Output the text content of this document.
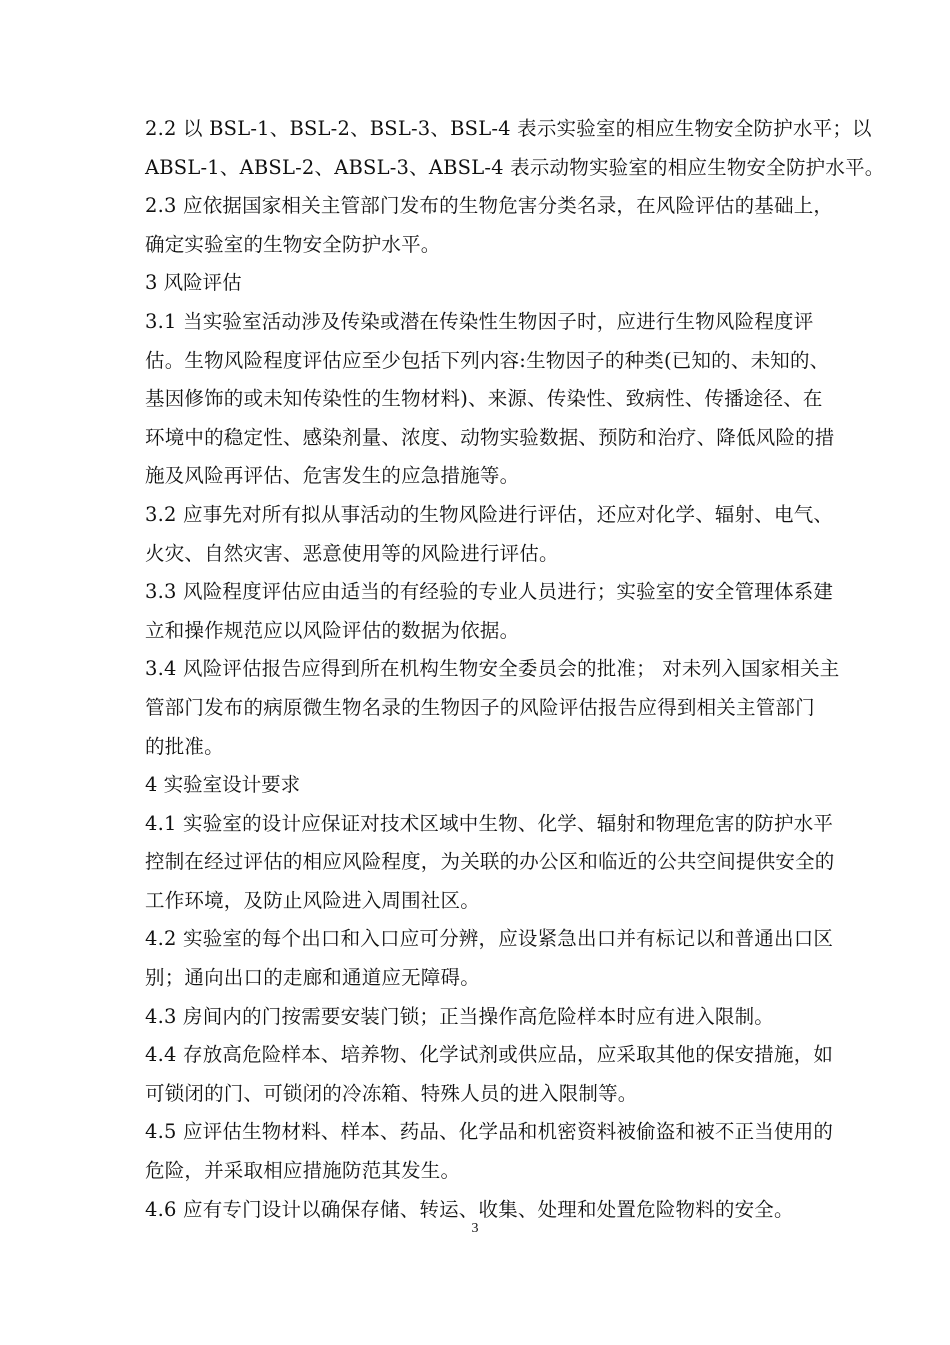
2.2 以 BSL-1、BSL-2、BSL-3、BSL-4 表示实验室的相应生物安全防护水平；以
ABSL-1、ABSL-2、ABSL-3、ABSL-4 表示动物实验室的相应生物安全防护水平。
2.3 应依据国家相关主管部门发布的生物危害分类名录，在风险评估的基础上，
确定实验室的生物安全防护水平。
3 风险评估
3.1 当实验室活动涉及传染或潜在传染性生物因子时，应进行生物风险程度评
估。生物风险程度评估应至少包括下列内容:生物因子的种类(已知的、未知的、
基因修饰的或未知传染性的生物材料)、来源、传染性、致病性、传播途径、在
环境中的稳定性、感染剂量、浓度、动物实验数据、预防和治疗、降低风险的措
施及风险再评估、危害发生的应急措施等。
3.2 应事先对所有拟从事活动的生物风险进行评估，还应对化学、辐射、电气、
火灾、自然灾害、恶意使用等的风险进行评估。
3.3 风险程度评估应由适当的有经验的专业人员进行；实验室的安全管理体系建
立和操作规范应以风险评估的数据为依据。
3.4 风险评估报告应得到所在机构生物安全委员会的批准； 对未列入国家相关主
管部门发布的病原微生物名录的生物因子的风险评估报告应得到相关主管部门
的批准。
4 实验室设计要求
4.1 实验室的设计应保证对技术区域中生物、化学、辐射和物理危害的防护水平
控制在经过评估的相应风险程度，为关联的办公区和临近的公共空间提供安全的
工作环境，及防止风险进入周围社区。
4.2 实验室的每个出口和入口应可分辨，应设紧急出口并有标记以和普通出口区
别；通向出口的走廊和通道应无障碍。
4.3 房间内的门按需要安装门锁；正当操作高危险样本时应有进入限制。
4.4 存放高危险样本、培养物、化学试剂或供应品，应采取其他的保安措施，如
可锁闭的门、可锁闭的冷冻箱、特殊人员的进入限制等。
4.5 应评估生物材料、样本、药品、化学品和机密资料被偷盗和被不正当使用的
危险，并采取相应措施防范其发生。
4.6 应有专门设计以确保存储、转运、收集、处理和处置危险物料的安全。
3
